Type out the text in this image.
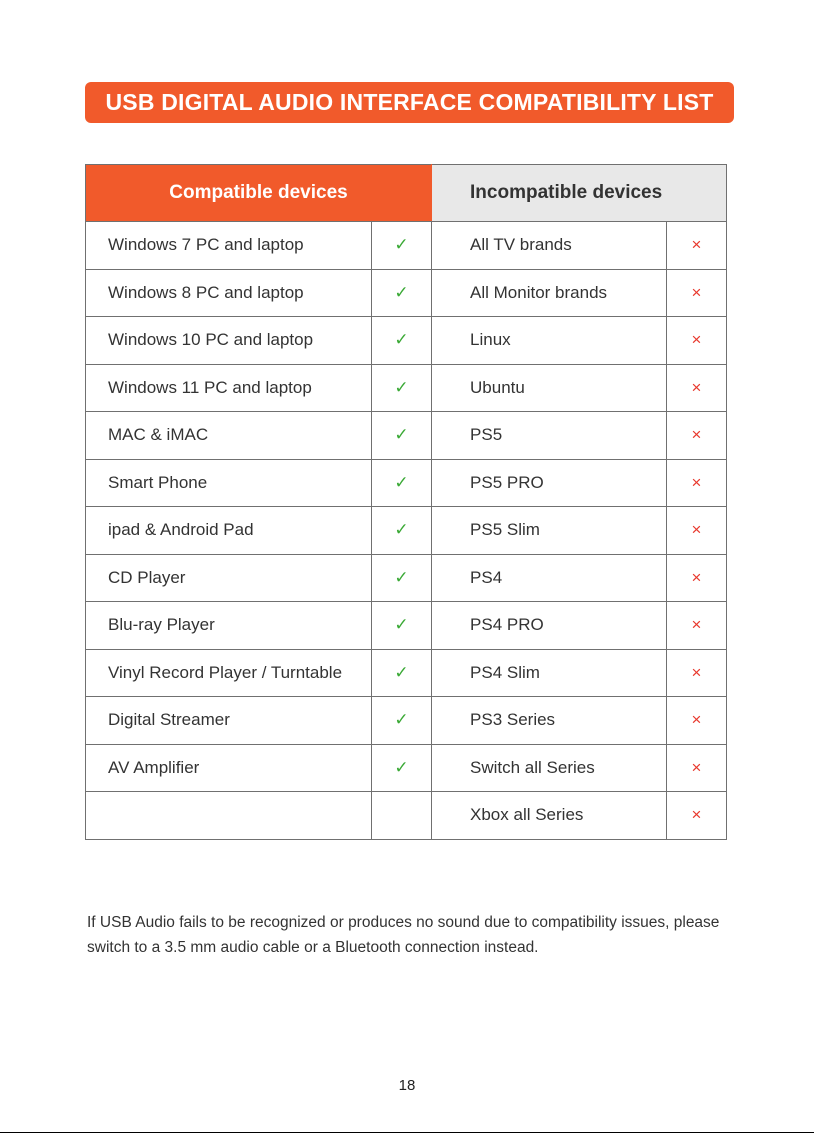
USB DIGITAL AUDIO INTERFACE COMPATIBILITY LIST
Compatible devices		Incompatible devices	
Windows 7 PC and laptop	✓	All TV brands	×
Windows 8 PC and laptop	✓	All Monitor brands	×
Windows 10 PC and laptop	✓	Linux	×
Windows 11 PC and laptop	✓	Ubuntu	×
MAC & iMAC	✓	PS5	×
Smart Phone	✓	PS5 PRO	×
ipad & Android Pad	✓	PS5 Slim	×
CD Player	✓	PS4	×
Blu-ray Player	✓	PS4 PRO	×
Vinyl Record Player / Turntable	✓	PS4 Slim	×
Digital Streamer	✓	PS3 Series	×
AV Amplifier	✓	Switch all Series	×
		Xbox all Series	×
If USB Audio fails to be recognized or produces no sound due to compatibility issues, please switch to a 3.5 mm audio cable or a Bluetooth connection instead.
18
